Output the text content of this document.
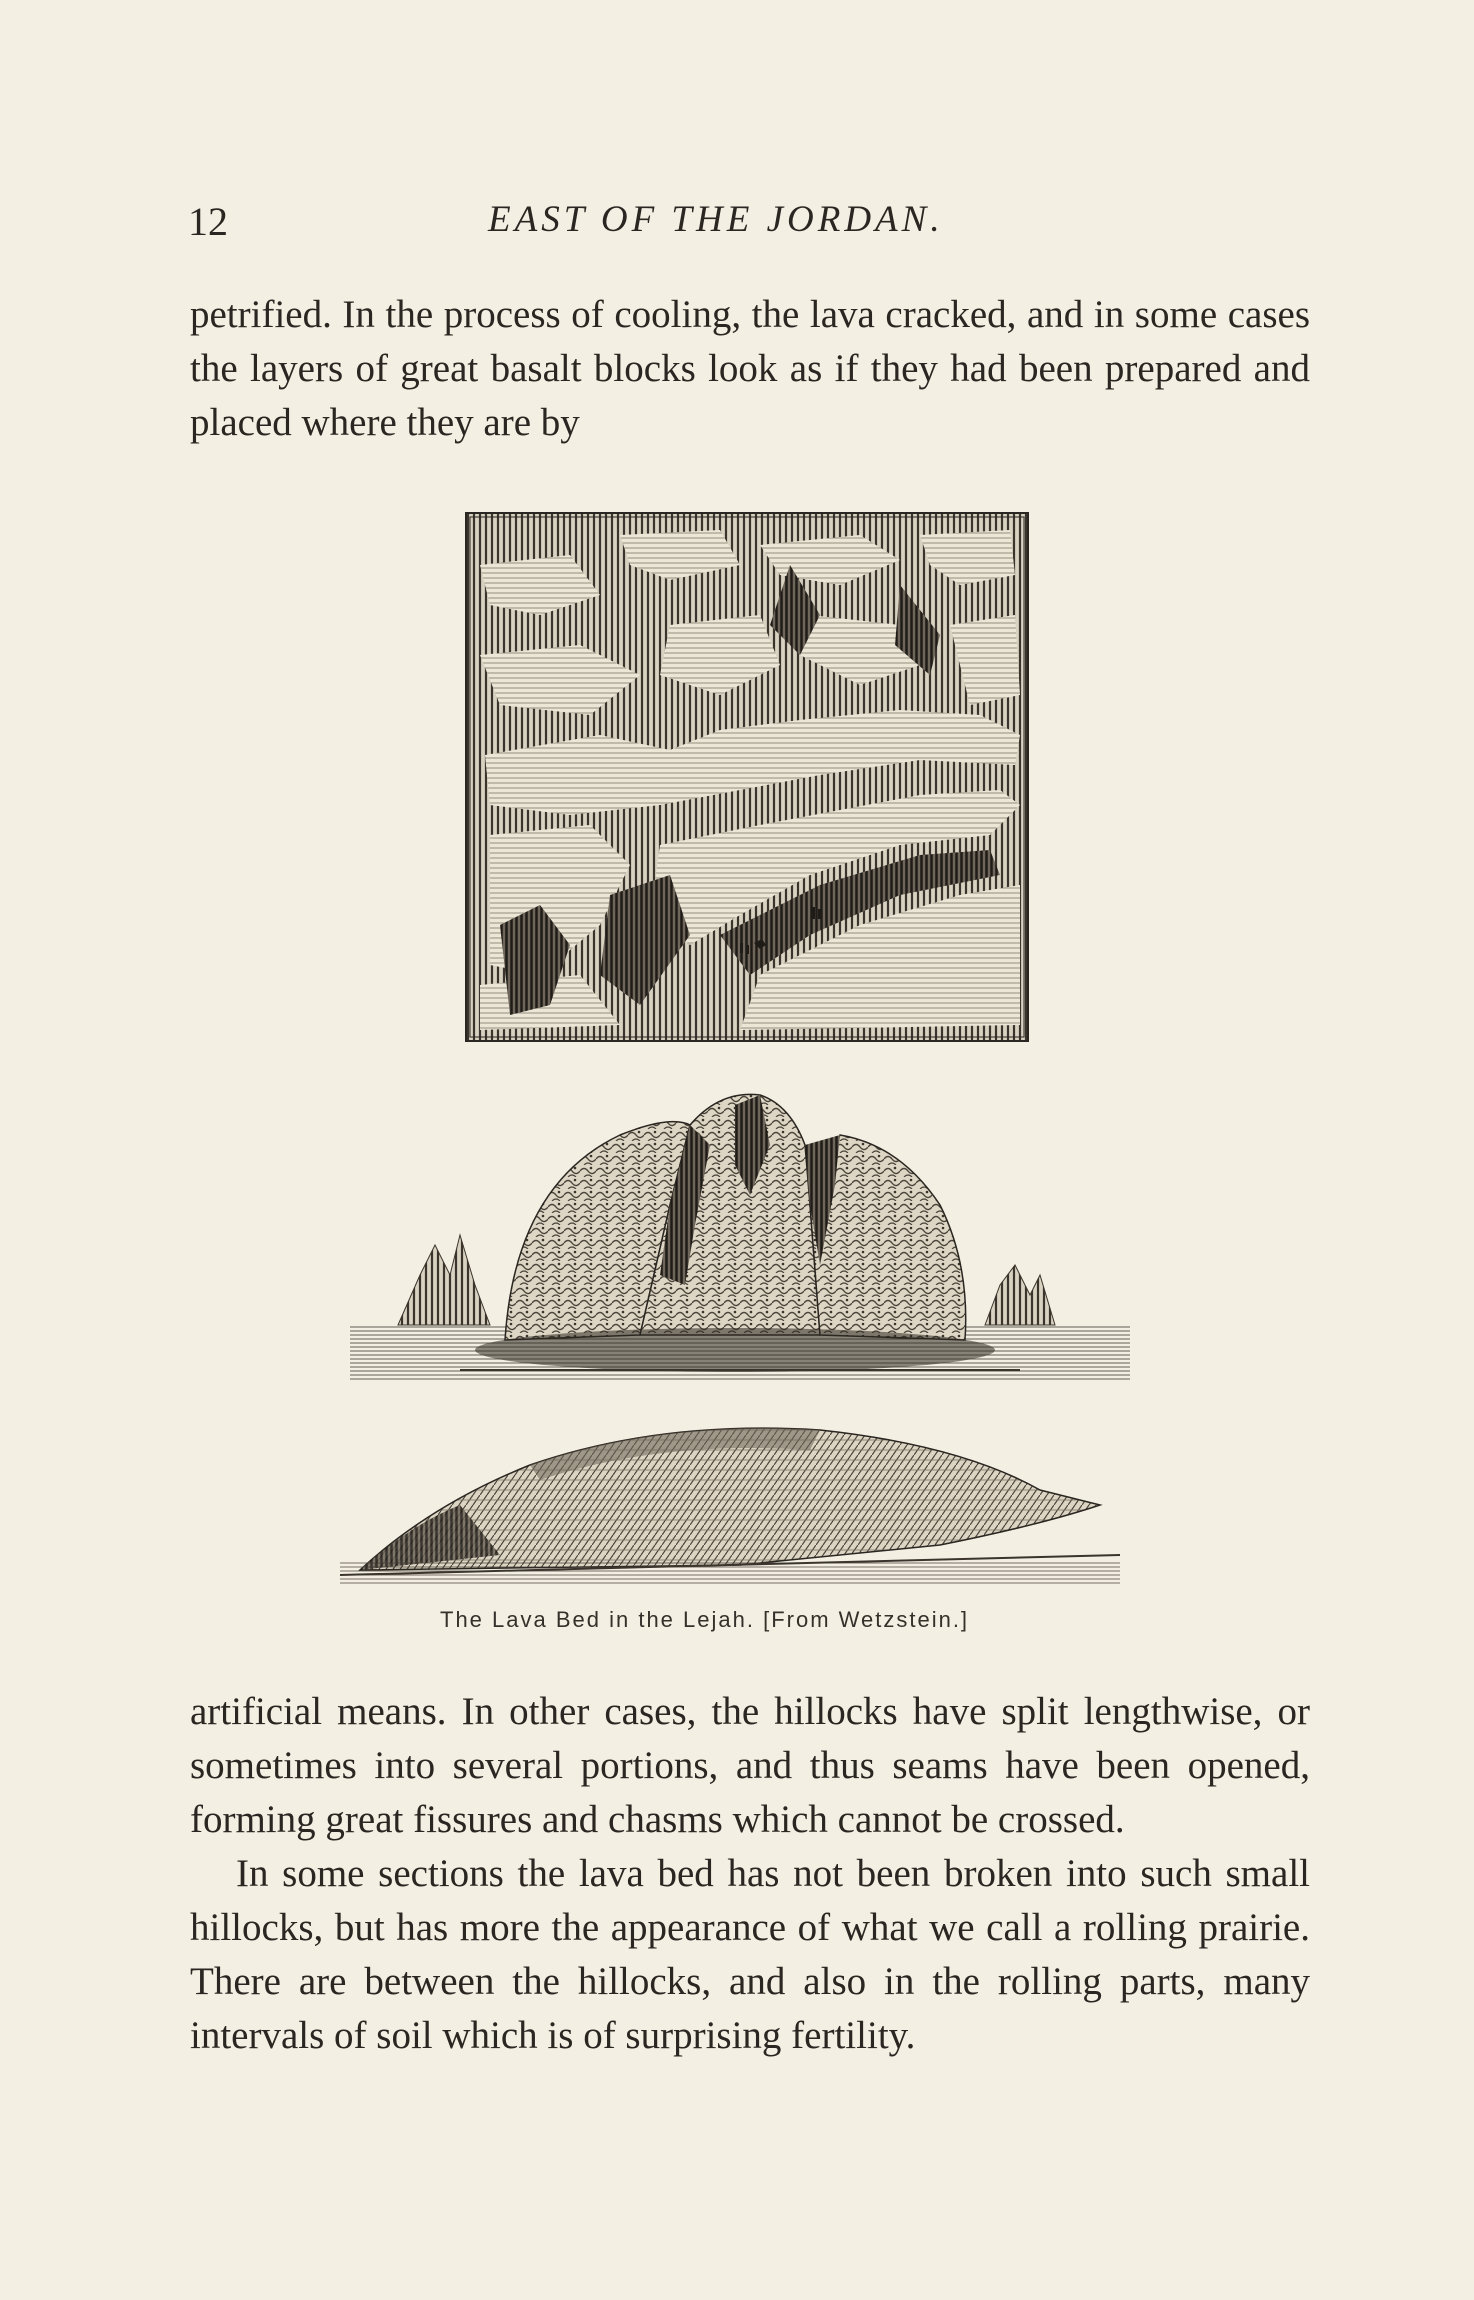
12	EAST OF THE JORDAN.

petrified. In the process of cooling, the lava cracked, and in some cases the layers of great basalt blocks look as if they had been prepared and placed where they are by

The Lava Bed in the Lejah. [From Wetzstein.]

artificial means. In other cases, the hillocks have split lengthwise, or sometimes into several portions, and thus seams have been opened, forming great fissures and chasms which cannot be crossed.

In some sections the lava bed has not been broken into such small hillocks, but has more the appearance of what we call a rolling prairie. There are between the hillocks, and also in the rolling parts, many intervals of soil which is of surprising fertility.
